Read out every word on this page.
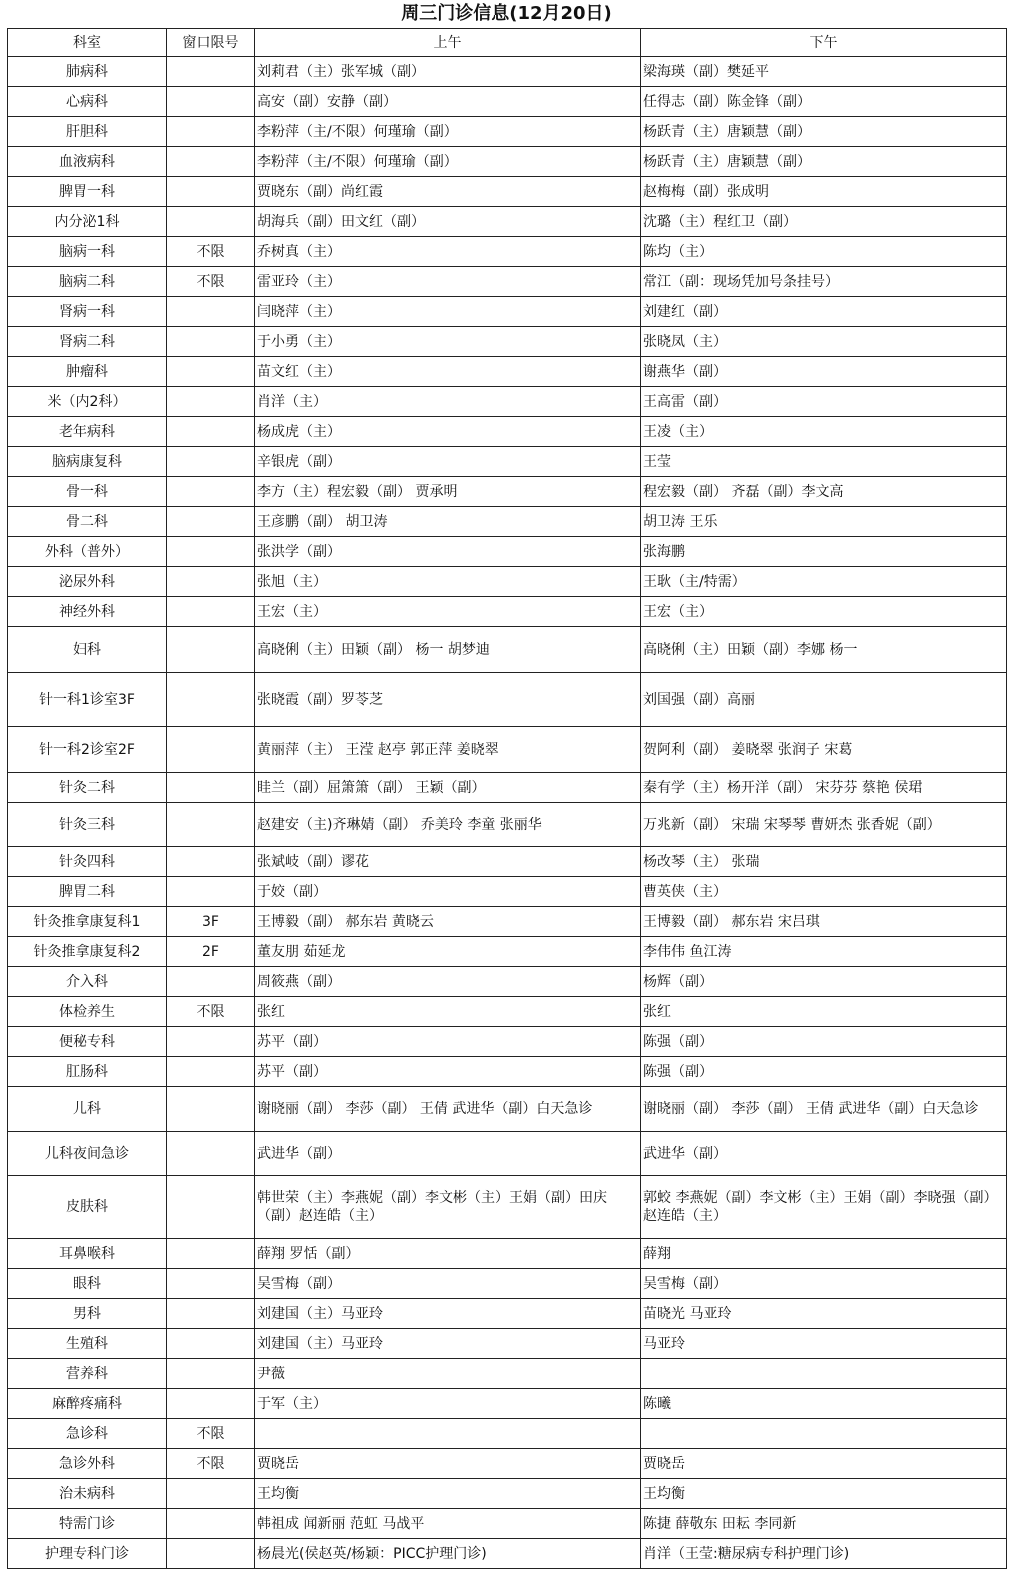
周三门诊信息(12月20日)
科室	窗口限号	上午	下午
肺病科		刘莉君（主）张军城（副）	梁海瑛（副）樊延平
心病科		高安（副）安静（副）	任得志（副）陈金锋（副）
肝胆科		李粉萍（主/不限）何瑾瑜（副）	杨跃青（主）唐颖慧（副）
血液病科		李粉萍（主/不限）何瑾瑜（副）	杨跃青（主）唐颖慧（副）
脾胃一科		贾晓东（副）尚红霞	赵梅梅（副）张成明
内分泌1科		胡海兵（副）田文红（副）	沈璐（主）程红卫（副）
脑病一科	不限	乔树真（主）	陈均（主）
脑病二科	不限	雷亚玲（主）	常江（副：现场凭加号条挂号）
肾病一科		闫晓萍（主）	刘建红（副）
肾病二科		于小勇（主）	张晓凤（主）
肿瘤科		苗文红（主）	谢燕华（副）
米（内2科）		肖洋（主）	王高雷（副）
老年病科		杨成虎（主）	王凌（主）
脑病康复科		辛银虎（副）	王莹
骨一科		李方（主）程宏毅（副） 贾承明	程宏毅（副） 齐磊（副）李文高
骨二科		王彦鹏（副） 胡卫涛	胡卫涛 王乐
外科（普外）		张洪学（副）	张海鹏
泌尿外科		张旭（主）	王耿（主/特需）
神经外科		王宏（主）	王宏（主）
妇科		高晓俐（主）田颖（副） 杨一 胡梦迪	高晓俐（主）田颖（副）李娜 杨一
针一科1诊室3F		张晓霞（副）罗苓芝	刘国强（副）高丽
针一科2诊室2F		黄丽萍（主） 王滢 赵亭 郭正萍 姜晓翠	贺阿利（副） 姜晓翠 张润子 宋葛
针灸二科		眭兰（副）屈箫箫（副） 王颖（副）	秦有学（主）杨开洋（副） 宋芬芬 蔡艳 侯珺
针灸三科		赵建安（主)齐琳婧（副） 乔美玲 李童 张丽华	万兆新（副） 宋瑞 宋琴琴 曹妍杰 张香妮（副）
针灸四科		张斌岐（副）谬花	杨改琴（主） 张瑞
脾胃二科		于姣（副）	曹英侠（主）
针灸推拿康复科1	3F	王博毅（副） 郝东岩 黄晓云	王博毅（副） 郝东岩 宋吕琪
针灸推拿康复科2	2F	董友朋 茹延龙	李伟伟 鱼江涛
介入科		周筱燕（副）	杨辉（副）
体检养生	不限	张红	张红
便秘专科		苏平（副）	陈强（副）
肛肠科		苏平（副）	陈强（副）
儿科		谢晓丽（副） 李莎（副） 王倩 武进华（副）白天急诊	谢晓丽（副） 李莎（副） 王倩 武进华（副）白天急诊
儿科夜间急诊		武进华（副）	武进华（副）
皮肤科		韩世荣（主）李燕妮（副）李文彬（主）王娟（副）田庆（副）赵连皓（主）	郭蛟 李燕妮（副）李文彬（主）王娟（副）李晓强（副）赵连皓（主）
耳鼻喉科		薛翔 罗恬（副）	薛翔
眼科		吴雪梅（副）	吴雪梅（副）
男科		刘建国（主）马亚玲	苗晓光 马亚玲
生殖科		刘建国（主）马亚玲	马亚玲
营养科		尹薇	
麻醉疼痛科		于军（主）	陈曦
急诊科	不限		
急诊外科	不限	贾晓岳	贾晓岳
治未病科		王均衡	王均衡
特需门诊		韩祖成 闻新丽 范虹 马战平	陈捷 薛敬东 田耘 李同新
护理专科门诊		杨晨光(侯赵英/杨颖：PICC护理门诊)	肖洋（王莹:糖尿病专科护理门诊)
